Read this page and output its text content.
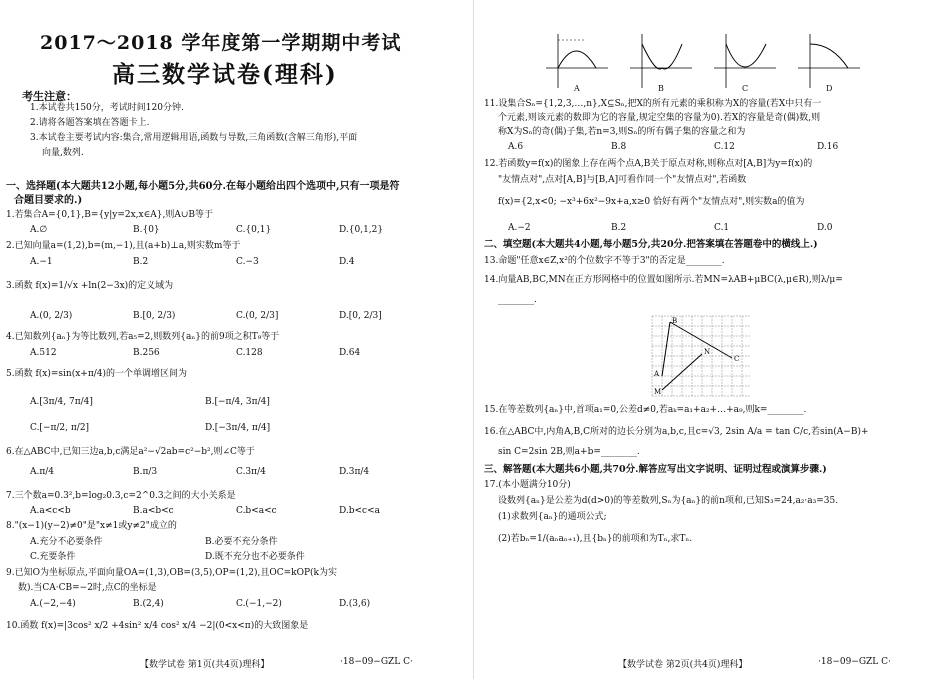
2017～2018 学年度第一学期期中考试
高三数学试卷(理科)
考生注意：
1.本试卷共150分，考试时间120分钟.
2.请将各题答案填在答题卡上.
3.本试卷主要考试内容:集合,常用逻辑用语,函数与导数,三角函数(含解三角形),平面
向量,数列.
一、选择题(本大题共12小题,每小题5分,共60分.在每小题给出四个选项中,只有一项是符
合题目要求的.)
1.若集合A={0,1},B={y|y=2x,x∈A},则A∪B等于
A.∅	B.{0}	C.{0,1}	D.{0,1,2}
2.已知向量a=(1,2),b=(m,−1),且(a+b)⊥a,则实数m等于
A.−1	B.2	C.−3	D.4
3.函数 f(x)=1/√x +ln(2−3x)的定义域为
A.(0, 2/3)	B.[0, 2/3)	C.(0, 2/3]	D.[0, 2/3]
4.已知数列{aₙ}为等比数列,若a₅=2,则数列{aₙ}的前9项之积T₉等于
A.512	B.256	C.128	D.64
5.函数 f(x)=sin(x+π/4)的一个单调增区间为
A.[3π/4, 7π/4]	B.[−π/4, 3π/4]
C.[−π/2, π/2]	D.[−3π/4, π/4]
6.在△ABC中,已知三边a,b,c满足a²−√2ab=c²−b²,则∠C等于
A.π/4	B.π/3	C.3π/4	D.3π/4
7.三个数a=0.3²,b=log₂0.3,c=2^0.3之间的大小关系是
A.a<c<b	B.a<b<c	C.b<a<c	D.b<c<a
8."(x−1)(y−2)≠0"是"x≠1或y≠2"成立的
A.充分不必要条件	B.必要不充分条件
C.充要条件	D.既不充分也不必要条件
9.已知O为坐标原点,平面向量OA=(1,3),OB=(3,5),OP=(1,2),且OC=kOP(k为实
数).当CA·CB=−2时,点C的坐标是
A.(−2,−4)	B.(2,4)	C.(−1,−2)	D.(3,6)
10.函数 f(x)=|3cos² x/2 +4sin² x/4 cos² x/4 −2|(0<x<π)的大致图象是
【数学试卷 第1页(共4页)理科】	·18−09−GZL C·
A	B	C	D
11.设集合Sₙ={1,2,3,…,n},X⊆Sₙ,把X的所有元素的乘积称为X的容量(若X中只有一
个元素,则该元素的数即为它的容量,规定空集的容量为0).若X的容量是奇(偶)数,则
称X为Sₙ的奇(偶)子集,若n=3,则Sₙ的所有偶子集的容量之和为
A.6	B.8	C.12	D.16
12.若函数y=f(x)的图象上存在两个点A,B关于原点对称,则称点对[A,B]为y=f(x)的
"友情点对",点对[A,B]与[B,A]可看作同一个"友情点对",若函数
f(x)={2,x<0; −x³+6x²−9x+a,x≥0 恰好有两个"友情点对",则实数a的值为
A.−2	B.2	C.1	D.0
二、填空题(本大题共4小题,每小题5分,共20分.把答案填在答题卷中的横线上.)
13.命题"任意x∈Z,x²的个位数字不等于3"的否定是________.
14.向量AB,BC,MN在正方形网格中的位置如图所示.若MN=λAB+μBC(λ,μ∈R),则λ/μ=
________.
B
N
C
A
M
15.在等差数列{aₙ}中,首项a₁=0,公差d≠0,若aₖ=a₁+a₂+…+a₉,则k=________.
16.在△ABC中,内角A,B,C所对的边长分别为a,b,c,且c=√3, 2sin A/a = tan C/c,若sin(A−B)+
sin C=2sin 2B,则a+b=________.
三、解答题(本大题共6小题,共70分.解答应写出文字说明、证明过程或演算步骤.)
17.(本小题满分10分)
设数列{aₙ}是公差为d(d>0)的等差数列,Sₙ为{aₙ}的前n项和,已知S₃=24,a₂·a₃=35.
(1)求数列{aₙ}的通项公式;
(2)若bₙ=1/(aₙaₙ₊₁),且{bₙ}的前项和为Tₙ,求Tₙ.
【数学试卷 第2页(共4页)理科】	·18−09−GZL C·
